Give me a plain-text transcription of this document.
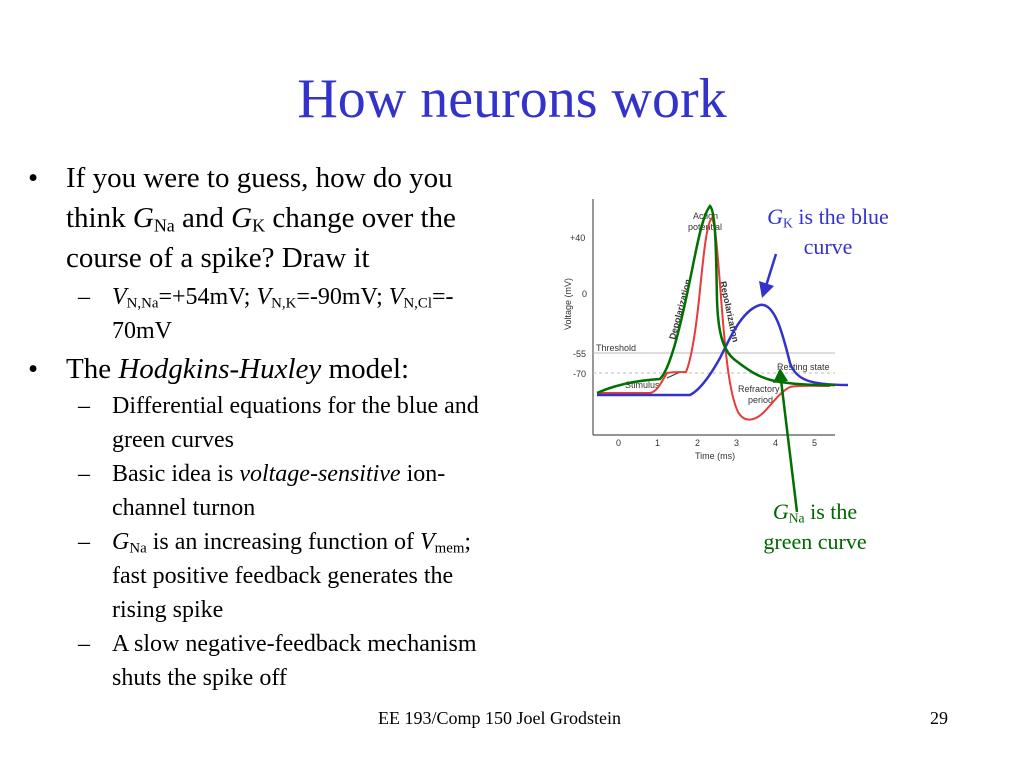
How neurons work
• If you were to guess, how do you
think $G_{Na}$ and $G_K$ change over the
course of a spike? Draw it
– $V_{N,Na}=+54mV$; $V_{N,K}=-90mV$; $V_{N,Cl}=-$
70mV
• The Hodgkins-Huxley model:
– Differential equations for the blue and
green curves
– Basic idea is voltage-sensitive ion-
channel turnon
– $G_{Na}$ is an increasing function of $V_{mem}$;
fast positive feedback generates the
rising spike
– A slow negative-feedback mechanism
shuts the spike off
$G_K$ is the blue
curve
$G_{Na}$ is the
green curve
+40
0
-55
-70
Voltage (mV)
0	1	2	3	4	5
Time (ms)
Action
potential
Threshold
Stimulus
Resting state
Refractory
period
Depolarization	Repolarization
EE 193/Comp 150 Joel Grodstein	29
